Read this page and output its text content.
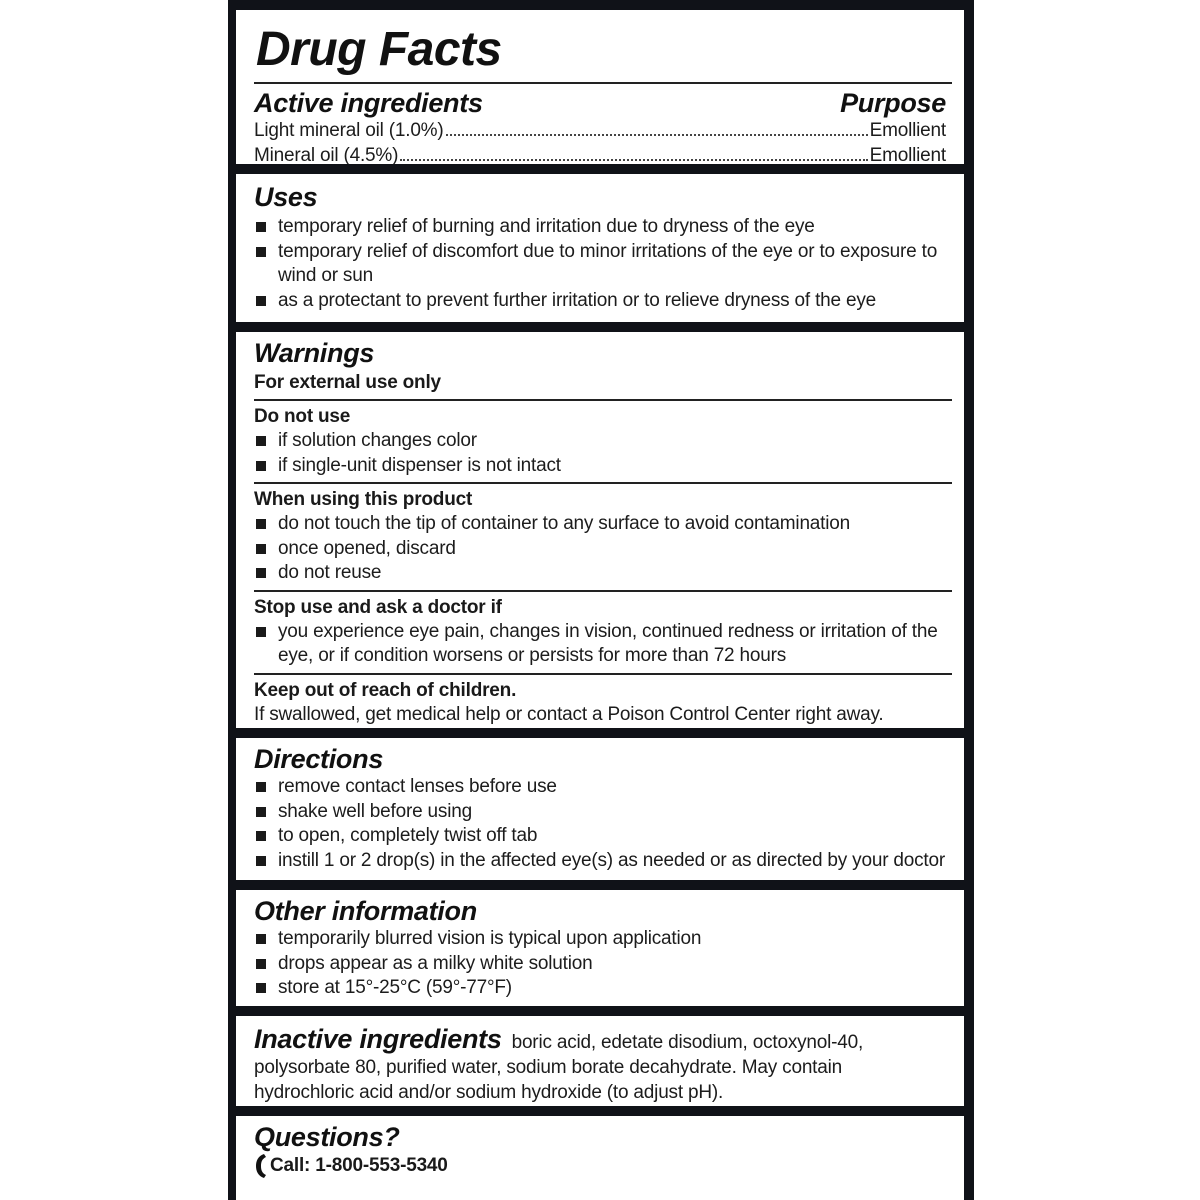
Drug Facts
Active ingredients	Purpose
Light mineral oil (1.0%)	Emollient
Mineral oil (4.5%)	Emollient
Uses
temporary relief of burning and irritation due to dryness of the eye
temporary relief of discomfort due to minor irritations of the eye or to exposure to wind or sun
as a protectant to prevent further irritation or to relieve dryness of the eye
Warnings
For external use only
Do not use
if solution changes color
if single-unit dispenser is not intact
When using this product
do not touch the tip of container to any surface to avoid contamination
once opened, discard
do not reuse
Stop use and ask a doctor if
you experience eye pain, changes in vision, continued redness or irritation of the eye, or if condition worsens or persists for more than 72 hours
Keep out of reach of children.
If swallowed, get medical help or contact a Poison Control Center right away.
Directions
remove contact lenses before use
shake well before using
to open, completely twist off tab
instill 1 or 2 drop(s) in the affected eye(s) as needed or as directed by your doctor
Other information
temporarily blurred vision is typical upon application
drops appear as a milky white solution
store at 15°-25°C (59°-77°F)
Inactive ingredients boric acid, edetate disodium, octoxynol-40, polysorbate 80, purified water, sodium borate decahydrate. May contain hydrochloric acid and/or sodium hydroxide (to adjust pH).
Questions?
Call: 1-800-553-5340
